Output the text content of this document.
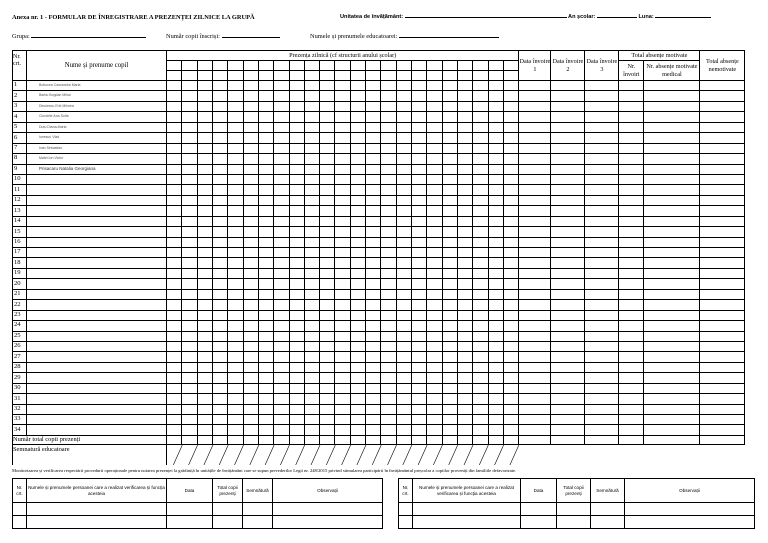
Anexa nr. 1 - FORMULAR DE ÎNREGISTRARE A PREZENȚEI ZILNICE LA GRUPĂ	Unitatea de învățământ:	An școlar:	Luna:
Grupa:	Număr copii înscriși:	Numele și prenumele educatoarei:
Nr. crt.	Nume și prenume copil	Prezența zilnică (cf structurii anului școlar)																							Data învoire 1	Data învoire 2	Data învoire 3	Total absențe motivate		Total absențe nemotivate
																												Nr. învoiri	Nr. absențe motivate medical	

1	Bobocea Cassandra Maria																													
2	Barbu Bogdan Mihai																													
3	Dinulescu Erik Mihnea																													
4	Ciocârlie Ana Sofia																													
5	Duțu Diana-Maria																													
6	Ionescu Vlad																													
7	Ivan Sebastian																													
8	Matei Ion Victor																													
9	Prisacaru Natalia Georgiana																													
10																														
11																														
12																														
13																														
14																														
15																														
16																														
17																														
18																														
19																														
20																														
21																														
22																														
23																														
24																														
25																														
26																														
27																														
28																														
29																														
30																														
31																														
32																														
33																														
34																														
Număr total copii prezenți																														
Semnatură educatoare	

Monitorizarea și verificarea respectării procedurii operaționale pentru notarea prezenței la grădiniță în unitățile de învățământ care se supun prevederilor Legii nr. 248/2015 privind stimularea participării în învățământul preșcolar a copiilor proveniți din familiile defavorizate.
Nr. crt.	Numele și prenumele persoanei care a realizat verificarea și funcția acesteia	Data	Total copii prezenți	Semnătură	Observații

Nr. crt.	Numele și prenumele persoanei care a realizat verificarea și funcția acesteia	Data	Total copii prezenți	Semnătură	Observații
